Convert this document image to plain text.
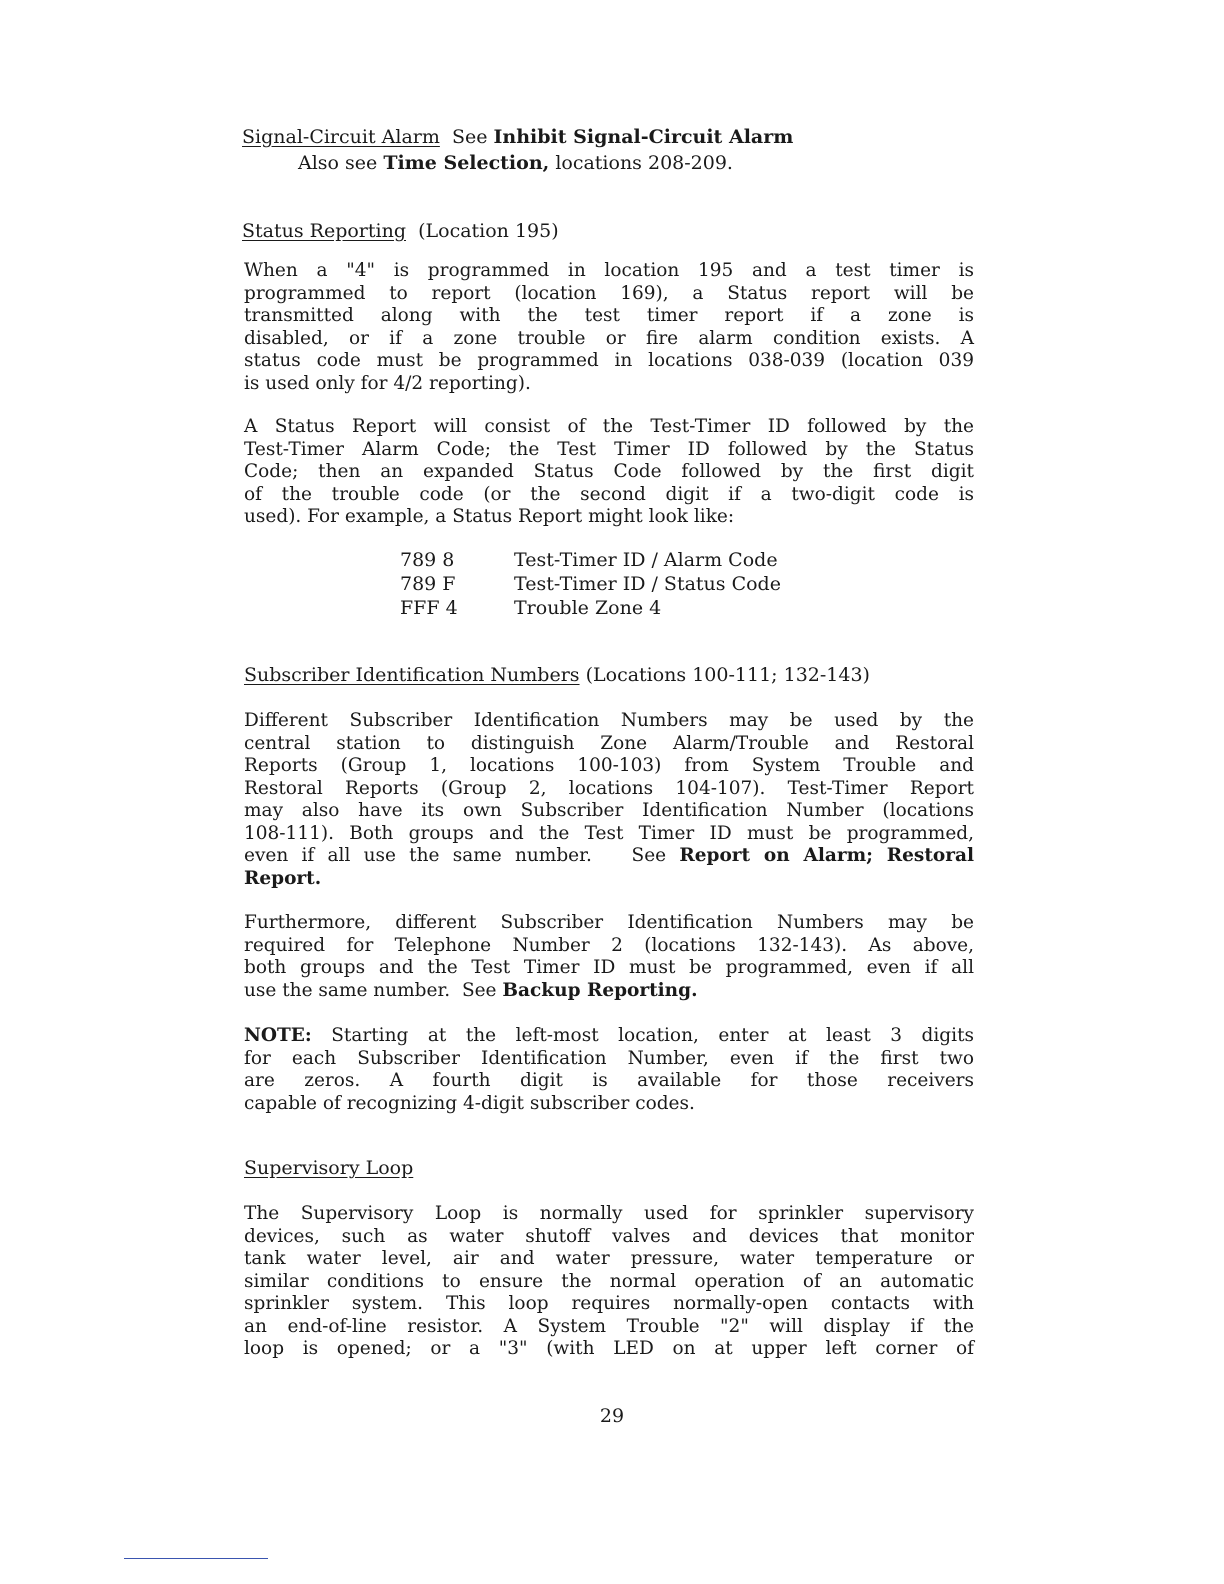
Signal-Circuit Alarm See Inhibit Signal-Circuit Alarm
Also see Time Selection, locations 208-209.
Status Reporting (Location 195)
When a "4" is programmed in location 195 and a test timer is
programmed to report (location 169), a Status report will be
transmitted along with the test timer report if a zone is
disabled, or if a zone trouble or fire alarm condition exists. A
status code must be programmed in locations 038-039 (location 039
is used only for 4/2 reporting).
A Status Report will consist of the Test-Timer ID followed by the
Test-Timer Alarm Code; the Test Timer ID followed by the Status
Code; then an expanded Status Code followed by the first digit
of the trouble code (or the second digit if a two-digit code is
used). For example, a Status Report might look like:
789 8	Test-Timer ID / Alarm Code
789 F	Test-Timer ID / Status Code
FFF 4	Trouble Zone 4
Subscriber Identification Numbers (Locations 100-111; 132-143)
Different Subscriber Identification Numbers may be used by the
central station to distinguish Zone Alarm/Trouble and Restoral
Reports (Group 1, locations 100-103) from System Trouble and
Restoral Reports (Group 2, locations 104-107). Test-Timer Report
may also have its own Subscriber Identification Number (locations
108-111). Both groups and the Test Timer ID must be programmed,
even if all use the same number. See Report on Alarm; Restoral
Report.
Furthermore, different Subscriber Identification Numbers may be
required for Telephone Number 2 (locations 132-143). As above,
both groups and the Test Timer ID must be programmed, even if all
use the same number. See Backup Reporting.
NOTE: Starting at the left-most location, enter at least 3 digits
for each Subscriber Identification Number, even if the first two
are zeros. A fourth digit is available for those receivers
capable of recognizing 4-digit subscriber codes.
Supervisory Loop
The Supervisory Loop is normally used for sprinkler supervisory
devices, such as water shutoff valves and devices that monitor
tank water level, air and water pressure, water temperature or
similar conditions to ensure the normal operation of an automatic
sprinkler system. This loop requires normally-open contacts with
an end-of-line resistor. A System Trouble "2" will display if the
loop is opened; or a "3" (with LED on at upper left corner of
29
